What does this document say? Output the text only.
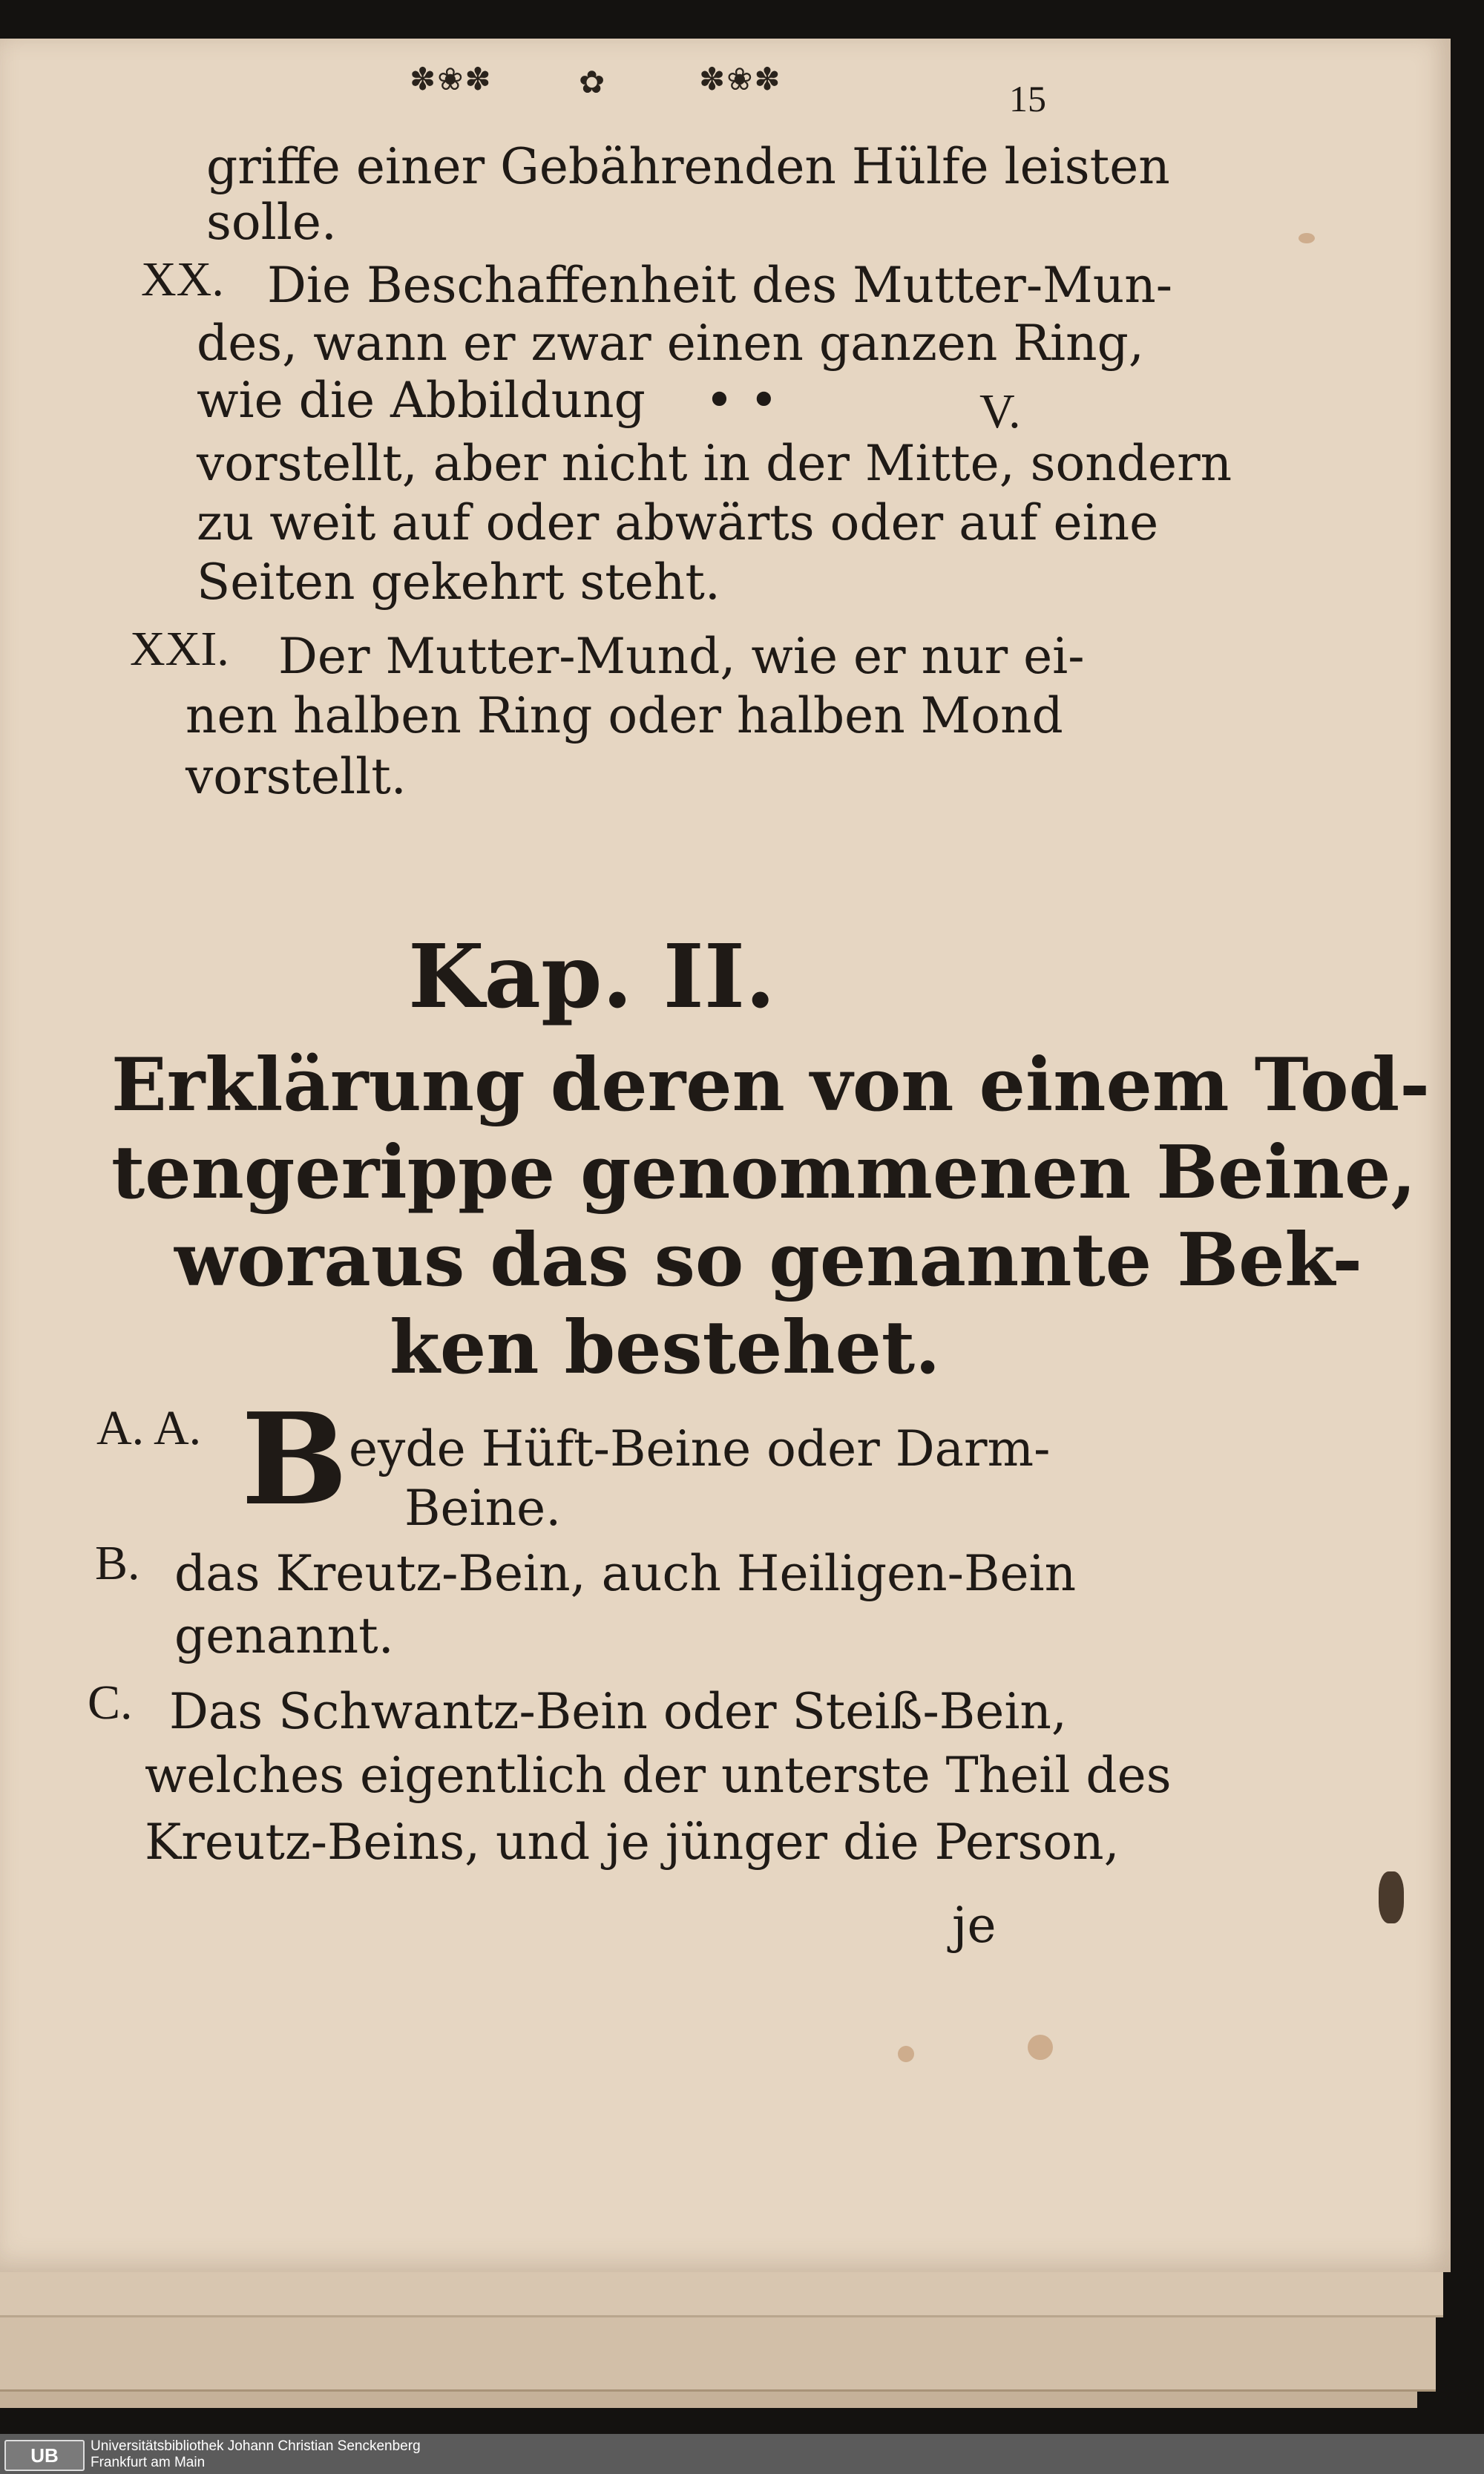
✽❀✽	✿	✽❀✽	15
griffe einer Gebährenden Hülfe leisten
solle.
XX. Die Beschaffenheit des Mutter-Mun-
des, wann er zwar einen ganzen Ring,
wie die Abbildung • •	V.
vorstellt, aber nicht in der Mitte, sondern
zu weit auf oder abwärts oder auf eine
Seiten gekehrt steht.
XXI. Der Mutter-Mund, wie er nur ei-
nen halben Ring oder halben Mond
vorstellt.
Kap. II.
Erklärung deren von einem Tod-
tengerippe genommenen Beine,
woraus das so genannte Bek-
ken bestehet.
A. A. B eyde Hüft-Beine oder Darm-
Beine.
B. das Kreutz-Bein, auch Heiligen-Bein
genannt.
C. Das Schwantz-Bein oder Steiß-Bein,
welches eigentlich der unterste Theil des
Kreutz-Beins, und je jünger die Person,
je
UB	Universitätsbibliothek Johann Christian Senckenberg
Frankfurt am Main
